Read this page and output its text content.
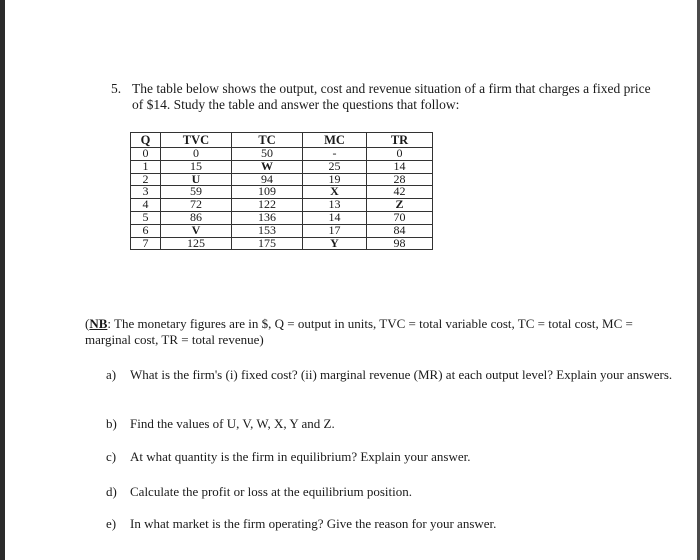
5. The table below shows the output, cost and revenue situation of a firm that charges a fixed price of $14. Study the table and answer the questions that follow:
Q	TVC	TC	MC	TR
0	0	50	-	0
1	15	W	25	14
2	U	94	19	28
3	59	109	X	42
4	72	122	13	Z
5	86	136	14	70
6	V	153	17	84
7	125	175	Y	98
(NB: The monetary figures are in $, Q = output in units, TVC = total variable cost, TC = total cost, MC = marginal cost, TR = total revenue)
a) What is the firm's (i) fixed cost? (ii) marginal revenue (MR) at each output level? Explain your answers.
b) Find the values of U, V, W, X, Y and Z.
c) At what quantity is the firm in equilibrium? Explain your answer.
d) Calculate the profit or loss at the equilibrium position.
e) In what market is the firm operating? Give the reason for your answer.
